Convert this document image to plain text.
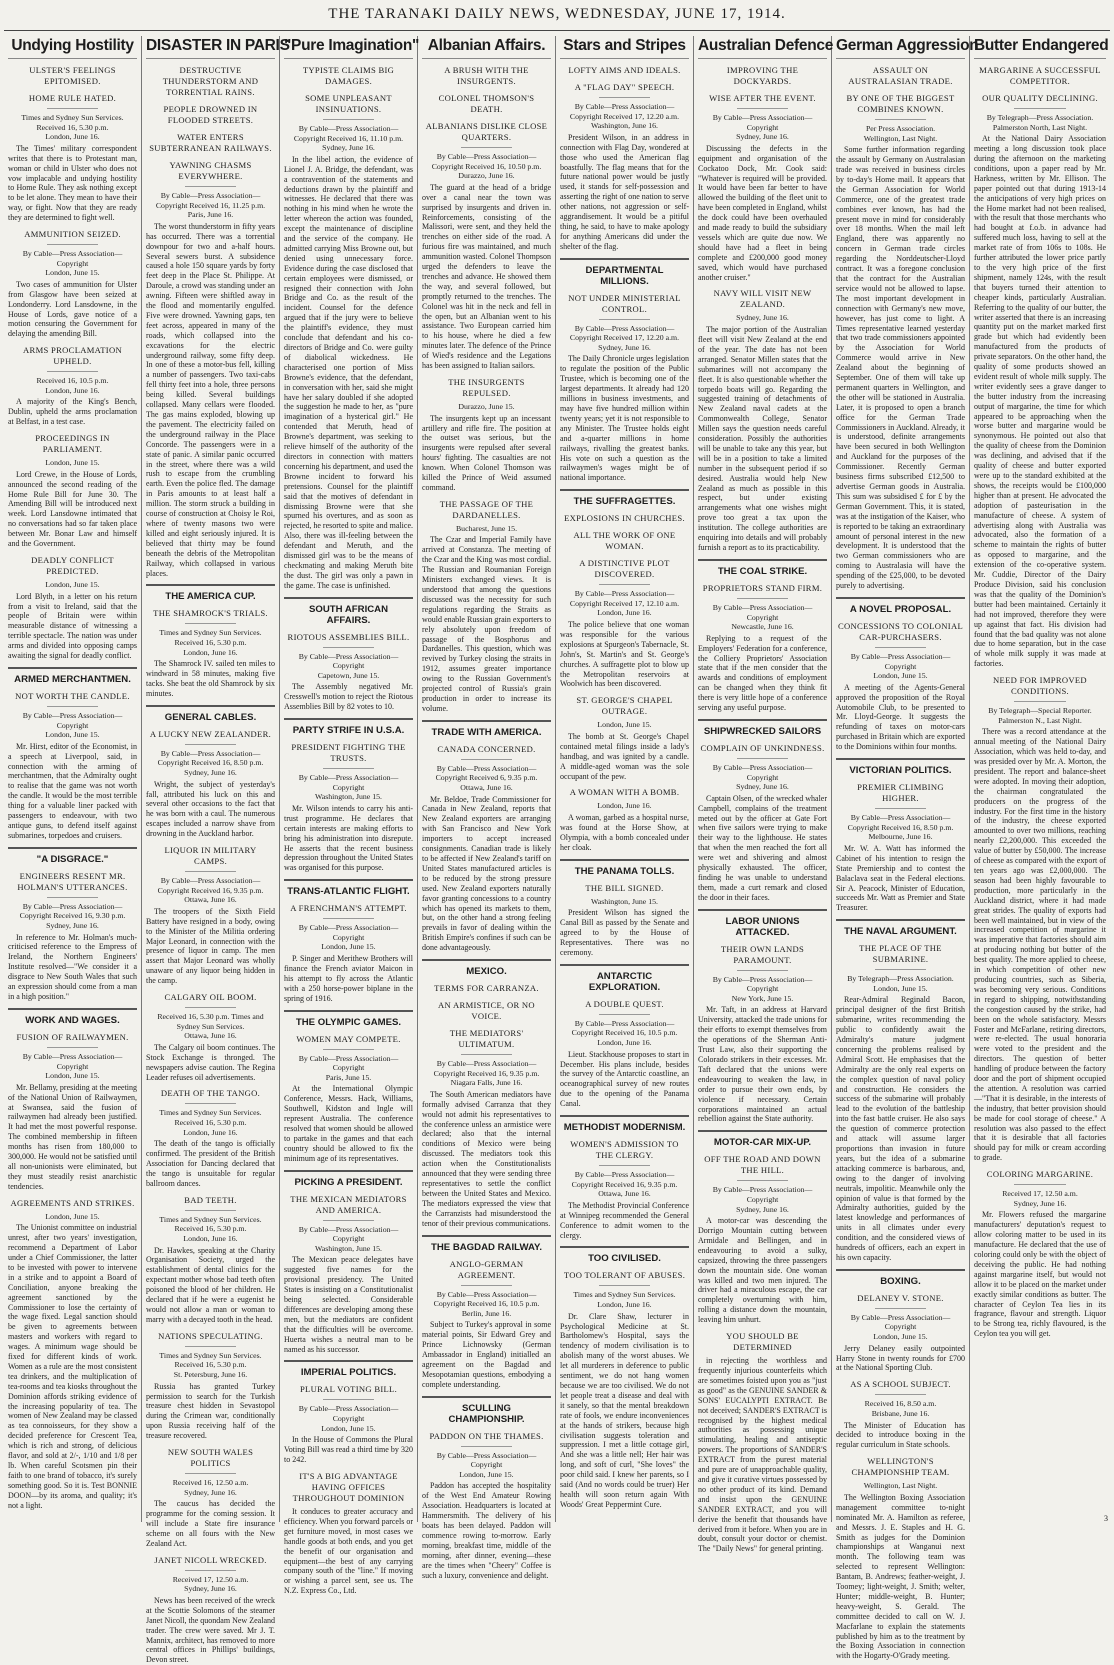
THE TARANAKI DAILY NEWS, WEDNESDAY, JUNE 17, 1914.
Undying Hostility
ULSTER'S FEELINGS EPITOMISED.
HOME RULE HATED.

Times and Sydney Sun Services. Received 16, 5.30 p.m.

London, June 16.

The Times' military correspondent writes that there is to Protestant man, woman or child in Ulster who does not vow implacable and undying hostility to Home Rule. They ask nothing except to be let alone. They mean to have their way, or fight. Now that they are ready they are determined to fight well.

AMMUNITION SEIZED.

By Cable—Press Association—Copyright

London, June 15.

Two cases of ammunition for Ulster from Glasgow have been seized at Londonderry. Lord Lansdowne, in the House of Lords, gave notice of a motion censuring the Government for delaying the amending Bill.

ARMS PROCLAMATION UPHELD.

Received 16, 10.5 p.m.

London, June 16.

A majority of the King's Bench, Dublin, upheld the arms proclamation at Belfast, in a test case.

PROCEEDINGS IN PARLIAMENT.

London, June 15.

Lord Crewe, in the House of Lords, announced the second reading of the Home Rule Bill for June 30. The Amending Bill will be introduced next week. Lord Lansdowne intimated that no conversations had so far taken place between Mr. Bonar Law and himself and the Government.

DEADLY CONFLICT PREDICTED.

London, June 15.

Lord Blyth, in a letter on his return from a visit to Ireland, said that the people of Britain were within measurable distance of witnessing a terrible spectacle. The nation was under arms and divided into opposing camps awaiting the signal for deadly conflict.

ARMED MERCHANTMEN.
NOT WORTH THE CANDLE.

By Cable—Press Association—Copyright

London, June 15.

Mr. Hirst, editor of the Economist, in a speech at Liverpool, said, in connection with the arming of merchantmen, that the Admiralty ought to realise that the game was not worth the candle. It would be the most terrible thing for a valuable liner packed with passengers to endeavour, with two antique guns, to defend itself against submarines, torpedoes and cruisers.

"A DISGRACE."
ENGINEERS RESENT MR. HOLMAN'S UTTERANCES.

By Cable—Press Association—Copyright Received 16, 9.30 p.m.

Sydney, June 16.

In reference to Mr. Holman's much-criticised reference to the Empress of Ireland, the Northern Engineers' Institute resolved—"We consider it a disgrace to New South Wales that such an expression should come from a man in a high position."

WORK AND WAGES.
FUSION OF RAILWAYMEN.

By Cable—Press Association—Copyright

London, June 15.

Mr. Bellamy, presiding at the meeting of the National Union of Railwaymen, at Swansea, said the fusion of railwaymen had already been justified. It had met the most powerful response. The combined membership in fifteen months has risen from 180,000 to 300,000. He would not be satisfied until all non-unionists were eliminated, but they must steadily resist anarchistic tendencies.

AGREEMENTS AND STRIKES.

London, June 15.

The Unionist committee on industrial unrest, after two years' investigation, recommend a Department of Labor under a Chief Commissioner, the latter to be invested with power to intervene in a strike and to appoint a Board of Conciliation, anyone breaking the agreement sanctioned by the Commissioner to lose the certainty of the wage fixed. Legal sanction should be given to agreements between masters and workers with regard to wages. A minimum wage should be fixed for different kinds of work. Women as a rule are the most consistent tea drinkers, and the multiplication of tea-rooms and tea kiosks throughout the Dominion affords striking evidence of the increasing popularity of tea. The women of New Zealand may be classed as tea connoisseurs, for they show a decided preference for Crescent Tea, which is rich and strong, of delicious flavor, and sold at 2/-, 1/10 and 1/8 per lb. When careful Scotsmen pin their faith to one brand of tobacco, it's surely something good. So it is. Test BONNIE DOON—by its aroma, and quality; it's not a light.

DISASTER IN PARIS
DESTRUCTIVE THUNDERSTORM AND TORRENTIAL RAINS.
PEOPLE DROWNED IN FLOODED STREETS.
WATER ENTERS SUBTERRANEAN RAILWAYS.
YAWNING CHASMS EVERYWHERE.

By Cable—Press Association—Copyright Received 16, 11.25 p.m.

Paris, June 16.

The worst thunderstorm in fifty years has occurred. There was a torrential downpour for two and a-half hours. Several sewers burst. A subsidence caused a hole 150 square yards by forty feet deep in the Place St. Philippe. At Daroule, a crowd was standing under an awning. Fifteen were shiftled away in the flood and momentarily engulfed. Five were drowned. Yawning gaps, ten feet across, appeared in many of the roads, which collapsed into the excavations for the electric underground railway, some fifty deep. In one of these a motor-bus fell, killing a number of passengers. Two taxi-cabs fell thirty feet into a hole, three persons being killed. Several buildings collapsed. Many cellars were flooded. The gas mains exploded, blowing up the pavement. The electricity failed on the underground railway in the Place Concorde. The passengers were in a state of panic. A similar panic occurred in the street, where there was a wild rush to escape from the crumbling earth. Even the police fled. The damage in Paris amounts to at least half a million. The storm struck a building in course of construction at Choisy le Roi, where of twenty masons two were killed and eight seriously injured. It is believed that thirty may be found beneath the debris of the Metropolitan Railway, which collapsed in various places.

THE AMERICA CUP.
THE SHAMROCK'S TRIALS.

Times and Sydney Sun Services. Received 16, 5.30 p.m.

London, June 16.

The Shamrock IV. sailed ten miles to windward in 58 minutes, making five tacks. She beat the old Shamrock by six minutes.

GENERAL CABLES.
A LUCKY NEW ZEALANDER.

By Cable—Press Association—Copyright Received 16, 8.50 p.m.

Sydney, June 16.

Wright, the subject of yesterday's fall, attributed his luck on this and several other occasions to the fact that he was born with a caul. The numerous escapes included a narrow shave from drowning in the Auckland harbor.

LIQUOR IN MILITARY CAMPS.

By Cable—Press Association—Copyright Received 16, 9.35 p.m.

Ottawa, June 16.

The troopers of the Sixth Field Battery have resigned in a body, owing to the Minister of the Militia ordering Major Leonard, in connection with the presence of liquor in camp. The men assert that Major Leonard was wholly unaware of any liquor being hidden in the camp.

CALGARY OIL BOOM.

Received 16, 5.30 p.m. Times and Sydney Sun Services.

Ottawa, June 16.

The Calgary oil boom continues. The Stock Exchange is thronged. The newspapers advise caution. The Regina Leader refuses oil advertisements.

DEATH OF THE TANGO.

Times and Sydney Sun Services. Received 16, 5.30 p.m.

London, June 16.

The death of the tango is officially confirmed. The president of the British Association for Dancing declared that the tango is unsuitable for regular ballroom dances.

BAD TEETH.

Times and Sydney Sun Services. Received 16, 5.30 p.m.

London, June 16.

Dr. Hawkes, speaking at the Charity Organisation Society, urged the establishment of dental clinics for the expectant mother whose bad teeth often poisoned the blood of her children. He declared that if he were a eugenist he would not allow a man or woman to marry with a decayed tooth in the head.

NATIONS SPECULATING.

Times and Sydney Sun Services. Received 16, 5.30 p.m.

St. Petersburg, June 16.

Russia has granted Turkey permission to search for the Turkish treasure chest hidden in Sevastopol during the Crimean war, conditionally upon Russia receiving half of the treasure recovered.

NEW SOUTH WALES POLITICS

Received 16, 12.50 a.m.

Sydney, June 16.

The caucus has decided the programme for the coming session. It will include a State fire insurance scheme on all fours with the New Zealand Act.

JANET NICOLL WRECKED.

Received 17, 12.50 a.m.

Sydney, June 16.

News has been received of the wreck at the Scottie Solomons of the steamer Janet Nicoll, the quondam New Zealand trader. The crew were saved. Mr J. T. Mannix, architect, has removed to more central offices in Phillips' buildings, Devon street.

"Pure Imagination"
TYPISTE CLAIMS BIG DAMAGES.
SOME UNPLEASANT INSINUATIONS.

By Cable—Press Association—Copyright Received 16, 11.10 p.m.

Sydney, June 16.

In the libel action, the evidence of Lionel J. A. Bridge, the defendant, was a contravention of the statements and deductions drawn by the plaintiff and witnesses. He declared that there was nothing in his mind when he wrote the letter whereon the action was founded, except the maintenance of discipline and the service of the company. He admitted carrying Miss Browne out, but denied using unnecessary force. Evidence during the case disclosed that certain employees were dismissed, or resigned their connection with John Bridge and Co. as the result of the incident. Counsel for the defence argued that if the jury were to believe the plaintiff's evidence, they must conclude that defendant and his co-directors of Bridge and Co. were guilty of diabolical wickedness. He characterised one portion of Miss Browne's evidence, that the defendant, in conversation with her, said she might have her salary doubled if she adopted the suggestion he made to her, as "pure imagination of a hysterical girl." He contended that Meruth, head of Browne's department, was seeking to relieve himself of the authority of the directors in connection with matters concerning his department, and used the Browne incident to forward his pretensions. Counsel for the plaintiff said that the motives of defendant in dismissing Browne were that she spurned his overtures, and as soon as rejected, he resorted to spite and malice. Also, there was ill-feeling between the defendant and Meruth, and the dismissed girl was to be the means of checkmating and making Meruth bite the dust. The girl was only a pawn in the game. The case is unfinished.

SOUTH AFRICAN AFFAIRS.
RIOTOUS ASSEMBLIES BILL.

By Cable—Press Association—Copyright

Capetown, June 15.

The Assembly negatived Mr. Cresswell's motion to reject the Riotous Assemblies Bill by 82 votes to 10.

PARTY STRIFE IN U.S.A.
PRESIDENT FIGHTING THE TRUSTS.

By Cable—Press Association—Copyright

Washington, June 15.

Mr. Wilson intends to carry his anti-trust programme. He declares that certain interests are making efforts to bring his administration into disrepute. He asserts that the recent business depression throughout the United States was organised for this purpose.

TRANS-ATLANTIC FLIGHT.
A FRENCHMAN'S ATTEMPT.

By Cable—Press Association—Copyright

London, June 15.

P. Singer and Merithew Brothers will finance the French aviator Maicon in his attempt to fly across the Atlantic with a 250 horse-power biplane in the spring of 1916.

THE OLYMPIC GAMES.
WOMEN MAY COMPETE.

By Cable—Press Association—Copyright

Paris, June 15.

At the International Olympic Conference, Messrs. Hack, Williams, Southwell, Kidston and Ingle will represent Australia. The conference resolved that women should be allowed to partake in the games and that each country should be allowed to fix the minimum age of its representatives.

PICKING A PRESIDENT.
THE MEXICAN MEDIATORS AND AMERICA.

By Cable—Press Association—Copyright

Washington, June 15.

The Mexican peace delegates have suggested five names for the provisional presidency. The United States is insisting on a Constitutionalist being selected. Considerable differences are developing among these men, but the mediators are confident that the difficulties will be overcome. Huerta wishes a neutral man to be named as his successor.

IMPERIAL POLITICS.
PLURAL VOTING BILL.

By Cable—Press Association—Copyright

London, June 15.

In the House of Commons the Plural Voting Bill was read a third time by 320 to 242.

IT'S A BIG ADVANTAGE HAVING OFFICES THROUGHOUT DOMINION

It conduces to greater accuracy and efficiency. When you forward parcels or get furniture moved, in most cases we handle goods at both ends, and you get the benefit of our organisation and equipment—the best of any carrying company south of the "line." If moving or wishing a parcel sent, see us. The N.Z. Express Co., Ltd.

Albanian Affairs.
A BRUSH WITH THE INSURGENTS.
COLONEL THOMSON'S DEATH.
ALBANIANS DISLIKE CLOSE QUARTERS.

By Cable—Press Association—Copyright Received 16, 10.50 p.m.

Durazzo, June 16.

The guard at the head of a bridge over a canal near the town was surprised by insurgents and driven in. Reinforcements, consisting of the Malissori, were sent, and they held the trenches on either side of the road. A furious fire was maintained, and much ammunition wasted. Colonel Thompson urged the defenders to leave the trenches and advance. He showed them the way, and several followed, but promptly returned to the trenches. The Colonel was hit in the neck and fell in the open, but an Albanian went to his assistance. Two European carried him to his house, where he died a few minutes later. The defence of the Prince of Wied's residence and the Legations has been assigned to Italian sailors.

THE INSURGENTS REPULSED.

Durazzo, June 15.

The insurgents kept up an incessant artillery and rifle fire. The position at the outset was serious, but the insurgents were repulsed after several hours' fighting. The casualties are not known. When Colonel Thomson was killed the Prince of Weid assumed command.

THE PASSAGE OF THE DARDANELLES.

Bucharest, June 15.

The Czar and Imperial Family have arrived at Constanza. The meeting of the Czar and the King was most cordial. The Russian and Roumanian Foreign Ministers exchanged views. It is understood that among the questions discussed was the necessity for such regulations regarding the Straits as would enable Russian grain exporters to rely absolutely upon freedom of passage of the Bosphorus and Dardanelles. This question, which was revived by Turkey closing the straits in 1912, assumes greater importance owing to the Russian Government's projected control of Russia's grain production in order to increase its volume.

TRADE WITH AMERICA.
CANADA CONCERNED.

By Cable—Press Association—Copyright Received 6, 9.35 p.m.

Ottawa, June 16.

Mr. Beldoe, Trade Commissioner for Canada in New Zealand, reports that New Zealand exporters are arranging with San Francisco and New York importers to accept increased consignments. Canadian trade is likely to be affected if New Zealand's tariff on United States manufactured articles is to be reduced by the strong pressure used. New Zealand exporters naturally favor granting concessions to a country which has opened its markets to them, but, on the other hand a strong feeling prevails in favor of dealing within the British Empire's confines if such can be done advantageously.

MEXICO.
TERMS FOR CARRANZA.
AN ARMISTICE, OR NO VOICE.
THE MEDIATORS' ULTIMATUM.

By Cable—Press Association—Copyright Received 16, 9.35 p.m.

Niagara Falls, June 16.

The South American mediators have formally advised Carranza that they would not admit his representatives to the conference unless an armistice were declared; also that the internal conditions of Mexico were being discussed. The mediators took this action when the Constitutionalists announced that they were sending three representatives to settle the conflict between the United States and Mexico. The mediators expressed the view that the Carranzists had misunderstood the tenor of their previous communications.

THE BAGDAD RAILWAY.
ANGLO-GERMAN AGREEMENT.

By Cable—Press Association—Copyright Received 16, 10.5 p.m.

Berlin, June 16.

Subject to Turkey's approval in some material points, Sir Edward Grey and Prince Lichnowsky (German Ambassador in England) initialled an agreement on the Bagdad and Mesopotamian questions, embodying a complete understanding.

SCULLING CHAMPIONSHIP.
PADDON ON THE THAMES.

By Cable—Press Association—Copyright

London, June 15.

Paddon has accepted the hospitality of the West End Amateur Rowing Association. Headquarters is located at Hammersmith. The delivery of his boats has been delayed. Paddon will commence rowing to-morrow. Early morning, breakfast time, middle of the morning, after dinner, evening—these are the times when "Cheery" Coffee is such a luxury, convenience and delight.

Stars and Stripes
LOFTY AIMS AND IDEALS.
A "FLAG DAY" SPEECH.

By Cable—Press Association—Copyright Received 17, 12.20 a.m.

Washington, June 16.

President Wilson, in an address in connection with Flag Day, wondered at those who used the American flag boastfully. The flag means that for the future national power would be justly used, it stands for self-possession and asserting the right of one nation to serve other nations, not aggression or self-aggrandisement. It would be a pitiful thing, he said, to have to make apology for anything Americans did under the shelter of the flag.

DEPARTMENTAL MILLIONS.
NOT UNDER MINISTERIAL CONTROL.

By Cable—Press Association—Copyright Received 17, 12.20 a.m.

Sydney, June 16.

The Daily Chronicle urges legislation to regulate the position of the Public Trustee, which is becoming one of the largest departments. It already had 120 millions in business investments, and may have five hundred million within twenty years; yet it is not responsible to any Minister. The Trustee holds eight and a-quarter millions in home railways, rivalling the greatest banks. His vote on such a question as the railwaymen's wages might be of national importance.

THE SUFFRAGETTES.
EXPLOSIONS IN CHURCHES.
ALL THE WORK OF ONE WOMAN.
A DISTINCTIVE PLOT DISCOVERED.

By Cable—Press Association—Copyright Received 17, 12.10 a.m.

London, June 16.

The police believe that one woman was responsible for the various explosions at Spurgeon's Tabernacle, St. John's, St. Martin's and St. George's churches. A suffragette plot to blow up the Metropolitan reservoirs at Woolwich has been discovered.

ST. GEORGE'S CHAPEL OUTRAGE.

London, June 15.

The bomb at St. George's Chapel contained metal filings inside a lady's handbag, and was ignited by a candle. A middle-aged woman was the sole occupant of the pew.

A WOMAN WITH A BOMB.

London, June 16.

A woman, garbed as a hospital nurse, was found at the Horse Show, at Olympia, with a bomb concealed under her cloak.

THE PANAMA TOLLS.
THE BILL SIGNED.

Washington, June 15.

President Wilson has signed the Canal Bill as passed by the Senate and agreed to by the House of Representatives. There was no ceremony.

ANTARCTIC EXPLORATION.
A DOUBLE QUEST.

By Cable—Press Association—Copyright Received 16, 10.5 p.m.

London, June 16.

Lieut. Stackhouse proposes to start in December. His plans include, besides the survey of the Antarctic coastline, an oceanographical survey of new routes due to the opening of the Panama Canal.

METHODIST MODERNISM.
WOMEN'S ADMISSION TO THE CLERGY.

By Cable—Press Association—Copyright Received 16, 9.35 p.m.

Ottawa, June 16.

The Methodist Provincial Conference at Winnipeg recommended the General Conference to admit women to the clergy.

TOO CIVILISED.
TOO TOLERANT OF ABUSES.

Times and Sydney Sun Services.

London, June 16.

Dr. Clare Shaw, lecturer in Psychological Medicine at St. Bartholomew's Hospital, says the tendency of modern civilisation is to abolish many of the worst abuses. We let all murderers in deference to public sentiment, we do not hang women because we are too civilised. We do not let people treat a disease and deal with it sanely, so that the mental breakdown rate of fools, we endure inconveniences at the hands of strikers, because high civilisation suggests toleration and suppression. I met a little cottage girl, And she was a little nell; Her hair was long, and soft of curl, "She loves" the poor child said. I knew her parents, so I said (And no words could be truer) Her health will soon return again With Woods' Great Peppermint Cure.

Australian Defence
IMPROVING THE DOCKYARDS.
WISE AFTER THE EVENT.

By Cable—Press Association—Copyright

Sydney, June 16.

Discussing the defects in the equipment and organisation of the Cockatoo Dock, Mr. Cook said: "Whatever is required will be provided. It would have been far better to have allowed the building of the fleet unit to have been completed in England, whilst the dock could have been overhauled and made ready to build the subsidiary vessels which are quite due now. We should have had a fleet in being complete and £200,000 good money saved, which would have purchased another cruiser."

NAVY WILL VISIT NEW ZEALAND.

Sydney, June 16.

The major portion of the Australian fleet will visit New Zealand at the end of the year. The date has not been arranged. Senator Millen states that the submarines will not accompany the fleet. It is also questionable whether the torpedo boats will go. Regarding the suggested training of detachments of New Zealand naval cadets at the Commonwealth College, Senator Millen says the question needs careful consideration. Possibly the authorities will be unable to take any this year, but will be in a position to take a limited number in the subsequent period if so desired. Australia would help New Zealand as much as possible in this respect, but under existing arrangements what one wishes might prove too great a tax upon the institution. The college authorities are enquiring into details and will probably furnish a report as to its practicability.

THE COAL STRIKE.
PROPRIETORS STAND FIRM.

By Cable—Press Association—Copyright

Newcastle, June 16.

Replying to a request of the Employers' Federation for a conference, the Colliery Proprietors' Association state that if the men consider that the awards and conditions of employment can be changed when they think fit there is very little hope of a conference serving any useful purpose.

SHIPWRECKED SAILORS
COMPLAIN OF UNKINDNESS.

By Cable—Press Association—Copyright

Sydney, June 16.

Captain Olsen, of the wrecked whaler Campbell, complains of the treatment meted out by the officer at Gate Fort when five sailors were trying to make their way to the lighthouse. He states that when the men reached the fort all were wet and shivering and almost physically exhausted. The officer, finding he was unable to understand them, made a curt remark and closed the door in their faces.

LABOR UNIONS ATTACKED.
THEIR OWN LANDS PARAMOUNT.

By Cable—Press Association—Copyright

New York, June 15.

Mr. Taft, in an address at Harvard University, attacked the trade unions for their efforts to exempt themselves from the operations of the Sherman Anti-Trust Law, also their supporting the Colorado strikers in their excesses. Mr. Taft declared that the unions were endeavouring to weaken the law, in order to pursue their own ends, by violence if necessary. Certain corporations maintained an actual rebellion against the State authority.

MOTOR-CAR MIX-UP.
OFF THE ROAD AND DOWN THE HILL.

By Cable—Press Association—Copyright

Sydney, June 16.

A motor-car was descending the Dorrigo Mountain cutting between Armidale and Bellingen, and in endeavouring to avoid a sulky, capsized, throwing the three passengers down the mountain side. One woman was killed and two men injured. The driver had a miraculous escape, the car completely overturning with him, rolling a distance down the mountain, leaving him unhurt.

YOU SHOULD BE DETERMINED

in rejecting the worthless and frequently injurious counterfeits which are sometimes foisted upon you as "just as good" as the GENUINE SANDER & SONS' EUCALYPTI EXTRACT. Be not deceived; SANDER'S EXTRACT is recognised by the highest medical authorities as possessing unique stimulating, healing and antiseptic powers. The proportions of SANDER'S EXTRACT from the purest material and pure are of unapproachable quality, and give it curative virtues possessed by no other product of its kind. Demand and insist upon the GENUINE SANDER EXTRACT, and you will derive the benefit that thousands have derived from it before. When you are in doubt, consult your doctor or chemist. The "Daily News" for general printing.

German Aggression
ASSAULT ON AUSTRALASIAN TRADE.
BY ONE OF THE BIGGEST COMBINES KNOWN.

Per Press Association.

Wellington, Last Night.

Some further information regarding the assault by Germany on Australasian trade was received in business circles by to-day's Home mail. It appears that the German Association for World Commerce, one of the greatest trade combines ever known, has had the present move in mind for considerably over 18 months. When the mail left England, there was apparently no concern in German trade circles regarding the Norddeutscher-Lloyd contract. It was a foregone conclusion that the contract for the Australian service would not be allowed to lapse. The most important development in connection with Germany's new move, however, has just come to light. A Times representative learned yesterday that two trade commissioners appointed by the Association for World Commerce would arrive in New Zealand about the beginning of September. One of them will take up permanent quarters in Wellington, and the other will be stationed in Australia. Later, it is proposed to open a branch office for the German Trade Commissioners in Auckland. Already, it is understood, definite arrangements have been secured in both Wellington and Auckland for the purposes of the Commissioner. Recently German business firms subscribed £12,500 to advertise German goods in Australia. This sum was subsidised £ for £ by the German Government. This, it is stated, was at the instigation of the Kaiser, who is reported to be taking an extraordinary amount of personal interest in the new development. It is understood that the two German commissioners who are coming to Australasia will have the spending of the £25,000, to be devoted purely to advertising.

A NOVEL PROPOSAL.
CONCESSIONS TO COLONIAL CAR-PURCHASERS.

By Cable—Press Association—Copyright

London, June 15.

A meeting of the Agents-General approved the proposition of the Royal Automobile Club, to be presented to Mr. Lloyd-George. It suggests the refunding of taxes on motor-cars purchased in Britain which are exported to the Dominions within four months.

VICTORIAN POLITICS.
PREMIER CLIMBING HIGHER.

By Cable—Press Association—Copyright Received 16, 8.50 p.m.

Melbourne, June 16.

Mr. W. A. Watt has informed the Cabinet of his intention to resign the State Premiership and to contest the Balaclava seat in the Federal elections. Sir A. Peacock, Minister of Education, succeeds Mr. Watt as Premier and State Treasurer.

THE NAVAL ARGUMENT.
THE PLACE OF THE SUBMARINE.

By Telegraph—Press Association.

London, June 15.

Rear-Admiral Reginald Bacon, principal designer of the first British submarine, writes recommending the public to confidently await the Admiralty's mature judgment concerning the problems realised by Admiral Scott. He emphasises that the Admiralty are the only real experts on the complex question of naval policy and construction. He considers the success of the submarine will probably lead to the evolution of the battleship into the fast battle cruiser. He also says the question of commerce protection and attack will assume larger proportions than invasion in future years, but the idea of a submarine attacking commerce is barbarous, and, owing to the danger of involving neutrals, impolitic. Meanwhile only the opinion of value is that formed by the Admiralty authorities, guided by the latest knowledge and performances of units in all climates under every condition, and the considered views of hundreds of officers, each an expert in his own capacity.

BOXING.
DELANEY V. STONE.

By Cable—Press Association—Copyright

London, June 15.

Jerry Delaney easily outpointed Harry Stone in twenty rounds for £700 at the National Sporting Club.

AS A SCHOOL SUBJECT.

Received 16, 8.50 a.m.

Brisbane, June 16.

The Minister of Education has decided to introduce boxing in the regular curriculum in State schools.

WELLINGTON'S CHAMPIONSHIP TEAM.

Wellington, Last Night.

The Wellington Boxing Association management committee to-night nominated Mr. A. Hamilton as referee, and Messrs. J. E. Staples and H. G. Smith as judges for the Dominion championships at Wanganui next month. The following team was selected to represent Wellington: Bantam, B. Andrews; feather-weight, J. Toomey; light-weight, J. Smith; welter, Hunter; middle-weight, B. Hunter; heavy-weight, S. Gerald. The committee decided to call on W. J. Macfarlane to explain the statements published by him as to the treatment by the Boxing Association in connection with the Hogarty-O'Grady meeting.

Butter Endangered
MARGARINE A SUCCESSFUL COMPETITOR.
OUR QUALITY DECLINING.

By Telegraph—Press Association.

Palmerston North, Last Night.

At the National Dairy Association meeting a long discussion took place during the afternoon on the marketing conditions, upon a paper read by Mr. Harkness, written by Mr. Ellison. The paper pointed out that during 1913-14 the anticipations of very high prices on the Home market had not been realised, with the result that those merchants who had bought at f.o.b. in advance had suffered much loss, having to sell at the market rate of from 106s to 108s. He further attributed the lower price partly to the very high price of the first shipment, namely 124s, with the result that buyers turned their attention to cheaper kinds, particularly Australian. Referring to the quality of our butter, the writer asserted that there is an increasing quantity put on the market marked first grade but which had evidently been manufactured from the products of private separators. On the other hand, the quality of some products showed an evident result of whole milk supply. The writer evidently sees a grave danger to the butter industry from the increasing output of margarine, the time for which appeared to be approaching when the worse butter and margarine would be synonymous. He pointed out also that the quality of cheese from the Dominion was declining, and advised that if the quality of cheese and butter exported were up to the standard exhibited at the shows, the receipts would be £100,000 higher than at present. He advocated the adoption of pasteurisation in the manufacture of cheese. A system of advertising along with Australia was advocated, also the formation of a scheme to maintain the rights of butter as opposed to margarine, and the extension of the co-operative system. Mr. Cuddie, Director of the Dairy Produce Division, said his conclusion was that the quality of the Dominion's butter had been maintained. Certainly it had not improved, therefore they were up against that fact. His division had found that the bad quality was not alone due to home separation, but in the case of whole milk supply it was made at factories.

NEED FOR IMPROVED CONDITIONS.

By Telegraph—Special Reporter.

Palmerston N., Last Night.

There was a record attendance at the annual meeting of the National Dairy Association, which was held to-day, and was presided over by Mr. A. Morton, the president. The report and balance-sheet were adopted. In moving their adoption, the chairman congratulated the producers on the progress of the industry. For the first time in the history of the industry, the cheese exported amounted to over two millions, reaching nearly £2,200,000. This exceeded the value of butter by £50,000. The increase of cheese as compared with the export of ten years ago was £2,000,000. The season had been highly favourable to production, more particularly in the Auckland district, where it had made great strides. The quality of exports had been well maintained, but in view of the increased competition of margarine it was imperative that factories should aim at producing nothing but butter of the best quality. The more applied to cheese, in which competition of other new producing countries, such as Siberia, was becoming very serious. Conditions in regard to shipping, notwithstanding the congestion caused by the strike, had been on the whole satisfactory. Messrs Foster and McFarlane, retiring directors, were re-elected. The usual honoraria were voted to the president and the directors. The question of better handling of produce between the factory door and the port of shipment occupied the attention. A resolution was carried—"That it is desirable, in the interests of the industry, that better provision should be made for cool storage of cheese." A resolution was also passed to the effect that it is desirable that all factories should pay for milk or cream according to grade.

COLORING MARGARINE.

Received 17, 12.50 a.m.

Sydney, June 16.

Mr. Flowers refused the margarine manufacturers' deputation's request to allow coloring matter to be used in its manufacture. He declared that the use of coloring could only be with the object of deceiving the public. He had nothing against margarine itself, but would not allow it to be placed on the market under exactly similar conditions as butter. The character of Ceylon Tea lies in its fragrance, flavour and strength. Liquor to be Strong tea, richly flavoured, is the Ceylon tea you will get.

3
